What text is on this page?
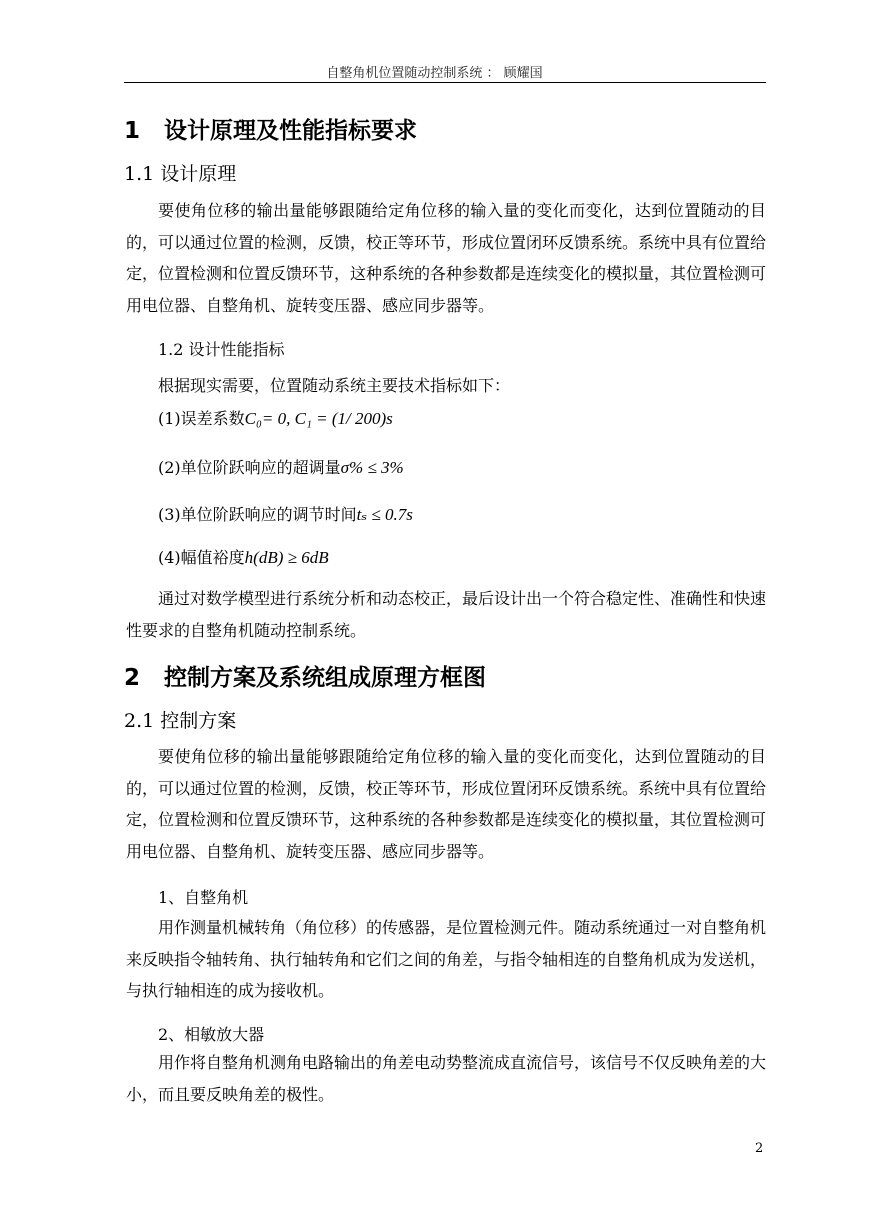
自整角机位置随动控制系统 ： 顾耀国
1 设计原理及性能指标要求
1.1 设计原理
要使角位移的输出量能够跟随给定角位移的输入量的变化而变化，达到位置随动的目的，可以通过位置的检测，反馈，校正等环节，形成位置闭环反馈系统。系统中具有位置给定，位置检测和位置反馈环节，这种系统的各种参数都是连续变化的模拟量，其位置检测可用电位器、自整角机、旋转变压器、感应同步器等。
1.2 设计性能指标
根据现实需要，位置随动系统主要技术指标如下：
(1)误差系数C₀= 0, C₁ = (1/ 200)s
(2)单位阶跃响应的超调量σ% ≤ 3%
(3)单位阶跃响应的调节时间tₛ ≤ 0.7s
(4)幅值裕度h(dB) ≥ 6dB
通过对数学模型进行系统分析和动态校正，最后设计出一个符合稳定性、准确性和快速性要求的自整角机随动控制系统。
2 控制方案及系统组成原理方框图
2.1 控制方案
要使角位移的输出量能够跟随给定角位移的输入量的变化而变化，达到位置随动的目的，可以通过位置的检测，反馈，校正等环节，形成位置闭环反馈系统。系统中具有位置给定，位置检测和位置反馈环节，这种系统的各种参数都是连续变化的模拟量，其位置检测可用电位器、自整角机、旋转变压器、感应同步器等。
1、自整角机
用作测量机械转角（角位移）的传感器，是位置检测元件。随动系统通过一对自整角机来反映指令轴转角、执行轴转角和它们之间的角差，与指令轴相连的自整角机成为发送机，与执行轴相连的成为接收机。
2、相敏放大器
用作将自整角机测角电路输出的角差电动势整流成直流信号，该信号不仅反映角差的大小，而且要反映角差的极性。
2
